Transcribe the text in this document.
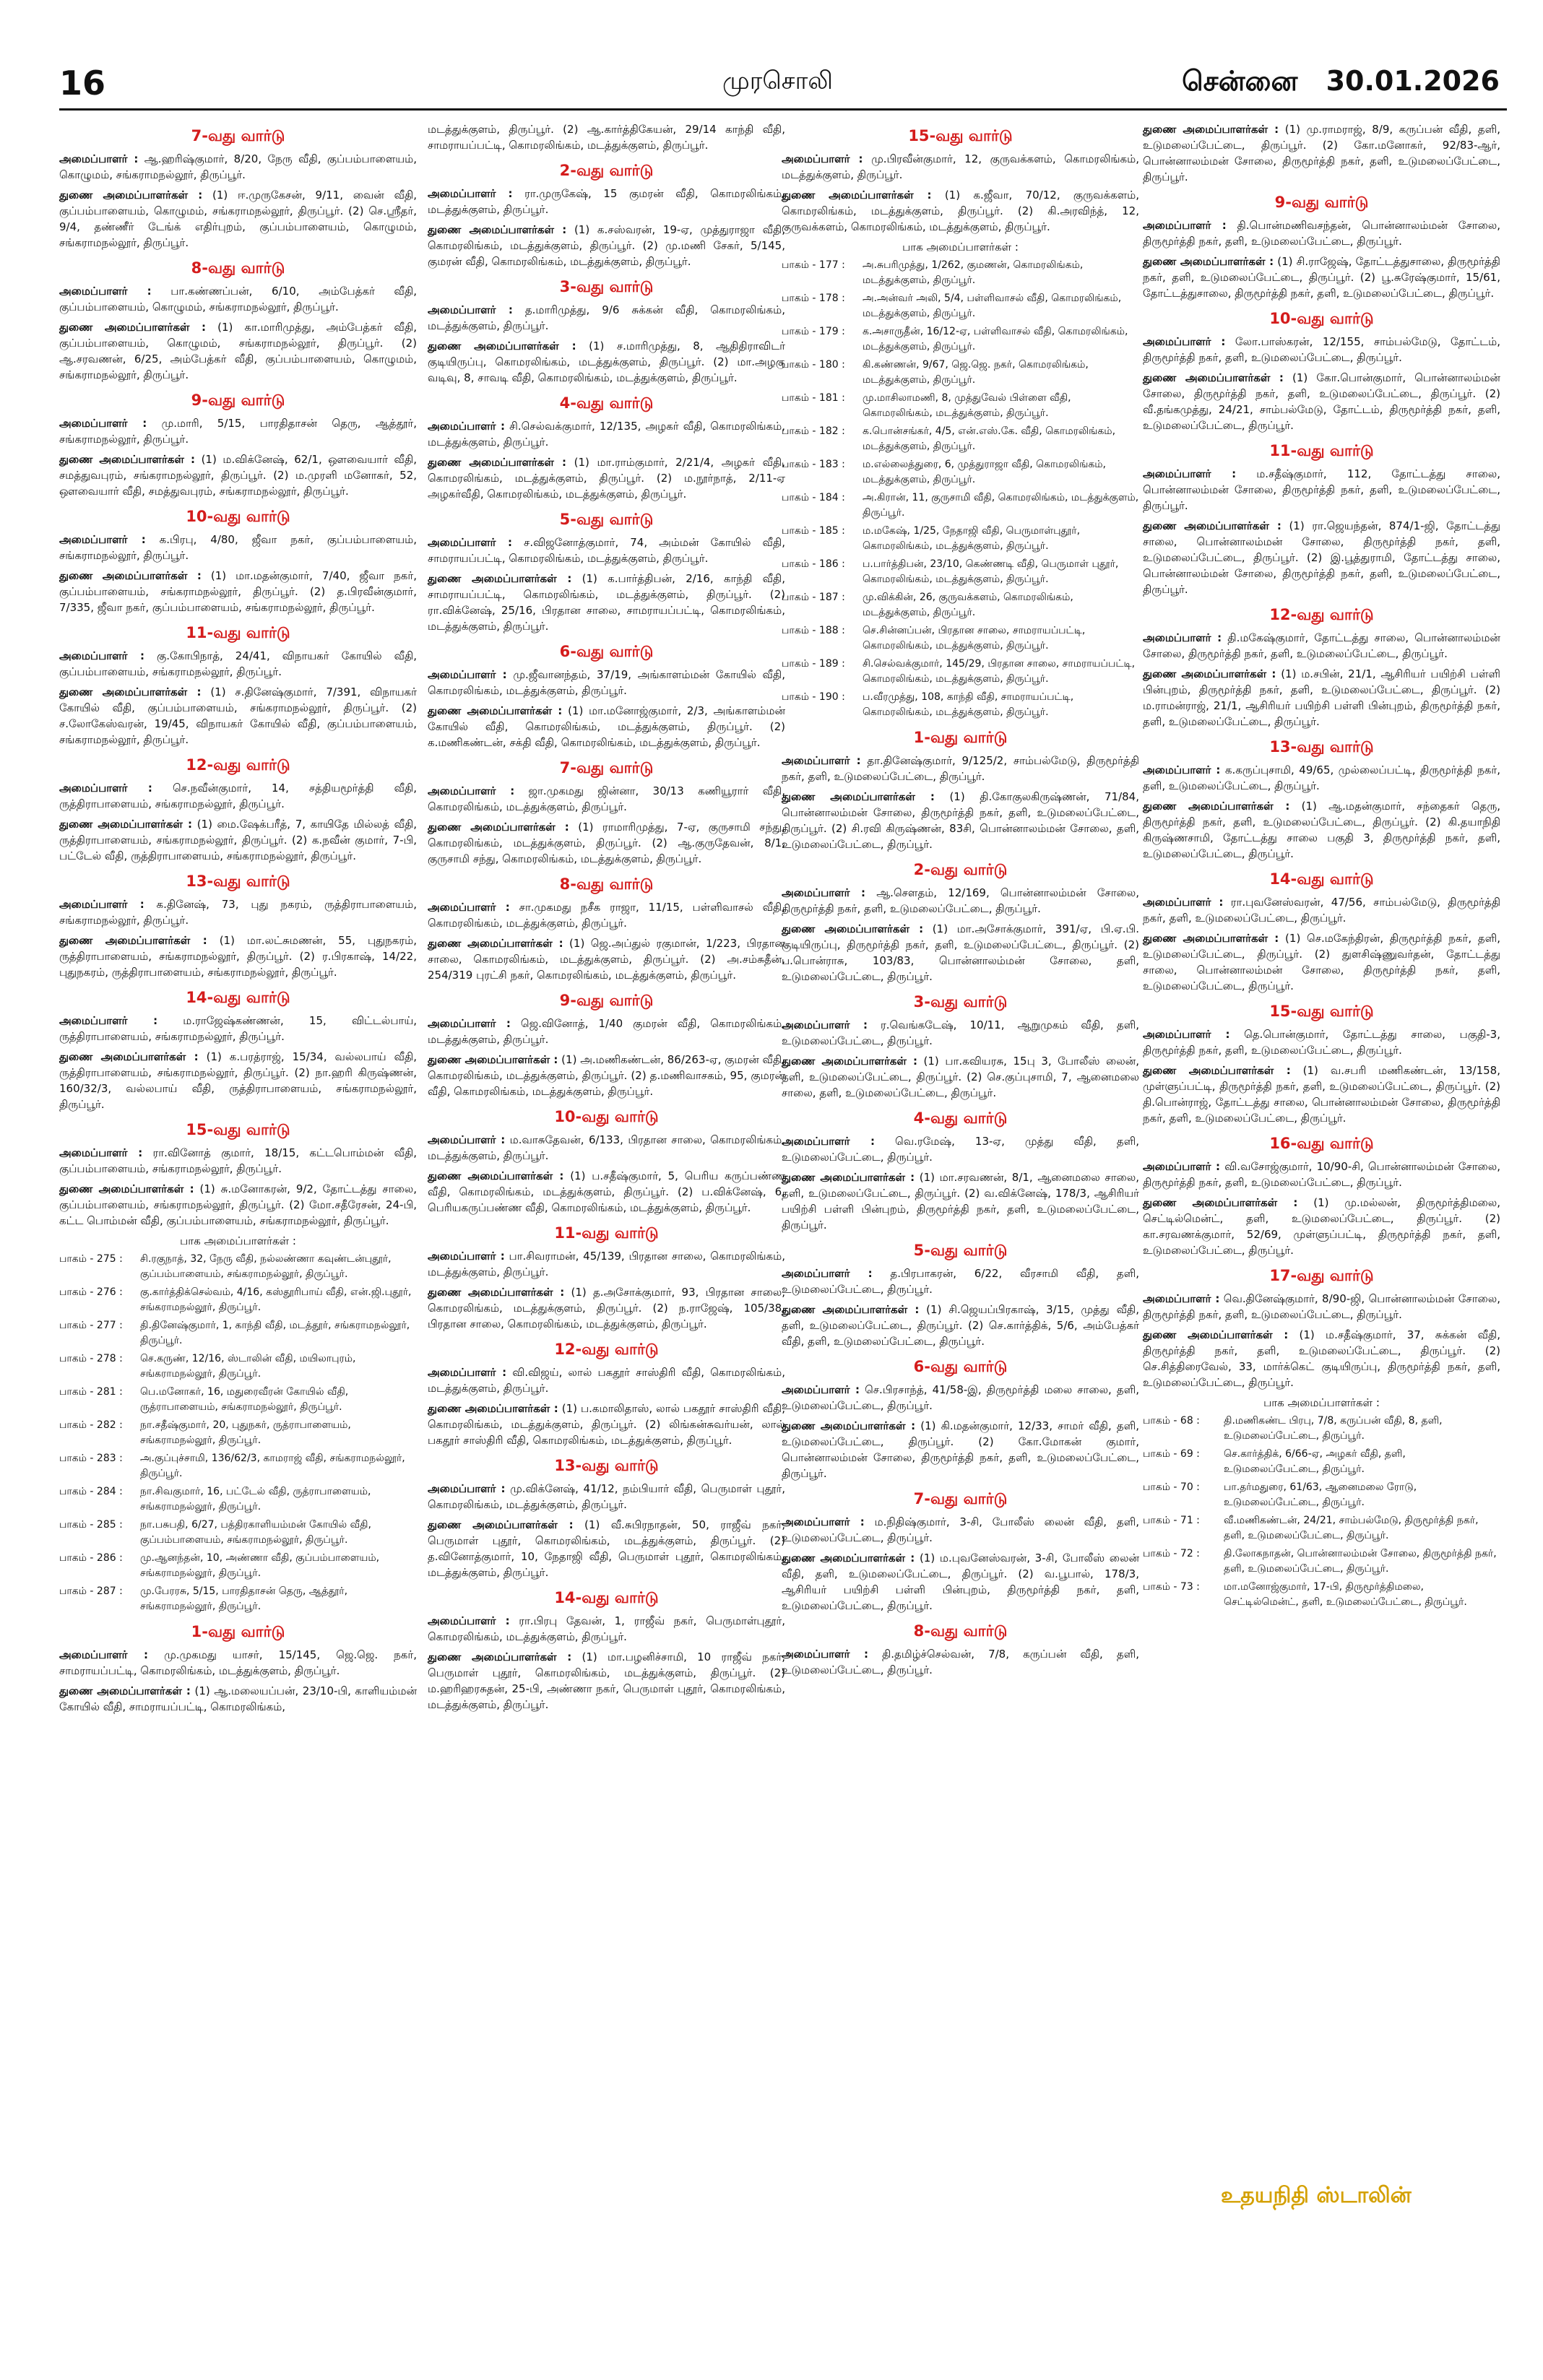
16	முரசொலி	சென்னை 30.01.2026
7-வது வார்டு

அமைப்பாளர் : ஆ.ஹரிஷ்குமார், 8/20, நேரு வீதி, குப்பம்பாளையம், கொழுமம், சங்கராமநல்லூர், திருப்பூர்.

துணை அமைப்பாளர்கள் : (1) ஈ.முருகேசன், 9/11, வைன் வீதி, குப்பம்பாளையம், கொழுமம், சங்கராமநல்லூர், திருப்பூர். (2) செ.ஸ்ரீதர், 9/4, தண்ணீர் டேங்க் எதிர்புறம், குப்பம்பாளையம், கொழுமம், சங்கராமநல்லூர், திருப்பூர்.

8-வது வார்டு

அமைப்பாளர் : பா.கண்ணப்பன், 6/10, அம்பேத்கர் வீதி, குப்பம்பாளையம், கொழுமம், சங்கராமநல்லூர், திருப்பூர்.

துணை அமைப்பாளர்கள் : (1) கா.மாரிமுத்து, அம்பேத்கர் வீதி, குப்பம்பாளையம், கொழுமம், சங்கராமநல்லூர், திருப்பூர். (2) ஆ.சரவணன், 6/25, அம்பேத்கர் வீதி, குப்பம்பாளையம், கொழுமம், சங்கராமநல்லூர், திருப்பூர்.

9-வது வார்டு

அமைப்பாளர் : மு.மாரி, 5/15, பாரதிதாசன் தெரு, ஆத்தூர், சங்கராமநல்லூர், திருப்பூர்.

துணை அமைப்பாளர்கள் : (1) ம.விக்னேஷ், 62/1, ஔவையார் வீதி, சமத்துவபுரம், சங்கராமநல்லூர், திருப்பூர். (2) ம.முரளி மனோகர், 52, ஔவையார் வீதி, சமத்துவபுரம், சங்கராமநல்லூர், திருப்பூர்.

10-வது வார்டு

அமைப்பாளர் : க.பிரபு, 4/80, ஜீவா நகர், குப்பம்பாளையம், சங்கராமநல்லூர், திருப்பூர்.

துணை அமைப்பாளர்கள் : (1) மா.மதன்குமார், 7/40, ஜீவா நகர், குப்பம்பாளையம், சங்கராமநல்லூர், திருப்பூர். (2) த.பிரவீன்குமார், 7/335, ஜீவா நகர், குப்பம்பாளையம், சங்கராமநல்லூர், திருப்பூர்.

11-வது வார்டு

அமைப்பாளர் : கு.கோபிநாத், 24/41, விநாயகர் கோயில் வீதி, குப்பம்பாளையம், சங்கராமநல்லூர், திருப்பூர்.

துணை அமைப்பாளர்கள் : (1) ச.தினேஷ்குமார், 7/391, விநாயகர் கோயில் வீதி, குப்பம்பாளையம், சங்கராமநல்லூர், திருப்பூர். (2) ச.லோகேஸ்வரன், 19/45, விநாயகர் கோயில் வீதி, குப்பம்பாளையம், சங்கராமநல்லூர், திருப்பூர்.

12-வது வார்டு

அமைப்பாளர் : செ.நவீன்குமார், 14, சத்தியமூர்த்தி வீதி, ருத்திராபாளையம், சங்கராமநல்லூர், திருப்பூர்.

துணை அமைப்பாளர்கள் : (1) மை.ஷேக்பரீத், 7, காயிதே மில்லத் வீதி, ருத்திராபாளையம், சங்கராமநல்லூர், திருப்பூர். (2) க.நவீன் குமார், 7-பி, பட்டேல் வீதி, ருத்திராபாளையம், சங்கராமநல்லூர், திருப்பூர்.

13-வது வார்டு

அமைப்பாளர் : க.தினேஷ், 73, புது நகரம், ருத்திராபாளையம், சங்கராமநல்லூர், திருப்பூர்.

துணை அமைப்பாளர்கள் : (1) மா.லட்சுமணன், 55, புதுநகரம், ருத்திராபாளையம், சங்கராமநல்லூர், திருப்பூர். (2) ர.பிரகாஷ், 14/22, புதுநகரம், ருத்திராபாளையம், சங்கராமநல்லூர், திருப்பூர்.

14-வது வார்டு

அமைப்பாளர் : ம.ராஜேஷ்கண்ணன், 15, விட்டல்பாய், ருத்திராபாளையம், சங்கராமநல்லூர், திருப்பூர்.

துணை அமைப்பாளர்கள் : (1) க.பரத்ராஜ், 15/34, வல்லபாய் வீதி, ருத்திராபாளையம், சங்கராமநல்லூர், திருப்பூர். (2) நா.ஹரி கிருஷ்ணன், 160/32/3, வல்லபாய் வீதி, ருத்திராபாளையம், சங்கராமநல்லூர், திருப்பூர்.

15-வது வார்டு

அமைப்பாளர் : ரா.வினோத் குமார், 18/15, கட்டபொம்மன் வீதி, குப்பம்பாளையம், சங்கராமநல்லூர், திருப்பூர்.

துணை அமைப்பாளர்கள் : (1) சு.மனோகரன், 9/2, தோட்டத்து சாலை, குப்பம்பாளையம், சங்கராமநல்லூர், திருப்பூர். (2) மோ.சதீரேசன், 24-பி, கட்ட பொம்மன் வீதி, குப்பம்பாளையம், சங்கராமநல்லூர், திருப்பூர்.

பாக அமைப்பாளர்கள் :
பாகம் - 275 :	சி.ரகுநாத், 32, நேரு வீதி, நல்லண்ணா கவுண்டன்புதூர், குப்பம்பாளையம், சங்கராமநல்லூர், திருப்பூர்.
பாகம் - 276 :	கு.கார்த்திக்செல்வம், 4/16, கஸ்தூரிபாய் வீதி, என்.ஜி.புதூர், சங்கராமநல்லூர், திருப்பூர்.
பாகம் - 277 :	தி.தினேஷ்குமார், 1, காந்தி வீதி, மடத்தூர், சங்கராமநல்லூர், திருப்பூர்.
பாகம் - 278 :	செ.கருண், 12/16, ஸ்டாலின் வீதி, மயிலாபுரம், சங்கராமநல்லூர், திருப்பூர்.
பாகம் - 281 :	பெ.மனோகர், 16, மதுரைவீரன் கோயில் வீதி, ருத்ராபாளையம், சங்கராமநல்லூர், திருப்பூர்.
பாகம் - 282 :	நா.சதீஷ்குமார், 20, புதுநகர், ருத்ராபாளையம், சங்கராமநல்லூர், திருப்பூர்.
பாகம் - 283 :	அ.குப்புச்சாமி, 136/62/3, காமராஜ் வீதி, சங்கராமநல்லூர், திருப்பூர்.
பாகம் - 284 :	நா.சிவகுமார், 16, பட்டேல் வீதி, ருத்ராபாளையம், சங்கராமநல்லூர், திருப்பூர்.
பாகம் - 285 :	நா.பசுபதி, 6/27, பத்திரகாளியம்மன் கோயில் வீதி, குப்பம்பாளையம், சங்கராமநல்லூர், திருப்பூர்.
பாகம் - 286 :	மு.ஆனந்தன், 10, அண்ணா வீதி, குப்பம்பாளையம், சங்கராமநல்லூர், திருப்பூர்.
பாகம் - 287 :	மு.பேரரசு, 5/15, பாரதிதாசன் தெரு, ஆத்தூர், சங்கராமநல்லூர், திருப்பூர்.
1-வது வார்டு

அமைப்பாளர் : மு.முகமது யாசர், 15/145, ஜெ.ஜெ. நகர், சாமராயப்பட்டி, கொமரலிங்கம், மடத்துக்குளம், திருப்பூர்.

துணை அமைப்பாளர்கள் : (1) ஆ.மலையப்பன், 23/10-பி, காளியம்மன் கோயில் வீதி, சாமராயப்பட்டி, கொமரலிங்கம்,

மடத்துக்குளம், திருப்பூர். (2) ஆ.கார்த்திகேயன், 29/14 காந்தி வீதி, சாமராயப்பட்டி, கொமரலிங்கம், மடத்துக்குளம், திருப்பூர்.

2-வது வார்டு

அமைப்பாளர் : ரா.முருகேஷ், 15 குமரன் வீதி, கொமரலிங்கம், மடத்துக்குளம், திருப்பூர்.

துணை அமைப்பாளர்கள் : (1) க.சஸ்வரன், 19-ஏ, முத்துராஜா வீதி, கொமரலிங்கம், மடத்துக்குளம், திருப்பூர். (2) மு.மணி சேகர், 5/145, குமரன் வீதி, கொமரலிங்கம், மடத்துக்குளம், திருப்பூர்.

3-வது வார்டு

அமைப்பாளர் : த.மாரிமுத்து, 9/6 சுக்கன் வீதி, கொமரலிங்கம், மடத்துக்குளம், திருப்பூர்.

துணை அமைப்பாளர்கள் : (1) ச.மாரிமுத்து, 8, ஆதிதிராவிடர் குடியிருப்பு, கொமரலிங்கம், மடத்துக்குளம், திருப்பூர். (2) மா.அழகு வடிவு, 8, சாவடி வீதி, கொமரலிங்கம், மடத்துக்குளம், திருப்பூர்.

4-வது வார்டு

அமைப்பாளர் : சி.செல்வக்குமார், 12/135, அழகர் வீதி, கொமரலிங்கம், மடத்துக்குளம், திருப்பூர்.

துணை அமைப்பாளர்கள் : (1) மா.ராம்குமார், 2/21/4, அழகர் வீதி, கொமரலிங்கம், மடத்துக்குளம், திருப்பூர். (2) ம.நூர்நாத், 2/11-ஏ அழகர்வீதி, கொமரலிங்கம், மடத்துக்குளம், திருப்பூர்.

5-வது வார்டு

அமைப்பாளர் : ச.விஜனோத்குமார், 74, அம்மன் கோயில் வீதி, சாமராயப்பட்டி, கொமரலிங்கம், மடத்துக்குளம், திருப்பூர்.

துணை அமைப்பாளர்கள் : (1) க.பார்த்திபன், 2/16, காந்தி வீதி, சாமராயப்பட்டி, கொமரலிங்கம், மடத்துக்குளம், திருப்பூர். (2) ரா.விக்னேஷ், 25/16, பிரதான சாலை, சாமராயப்பட்டி, கொமரலிங்கம், மடத்துக்குளம், திருப்பூர்.

6-வது வார்டு

அமைப்பாளர் : மு.ஜீவானந்தம், 37/19, அங்காளம்மன் கோயில் வீதி, கொமரலிங்கம், மடத்துக்குளம், திருப்பூர்.

துணை அமைப்பாளர்கள் : (1) மா.மனோஜ்குமார், 2/3, அங்காளம்மன் கோயில் வீதி, கொமரலிங்கம், மடத்துக்குளம், திருப்பூர். (2) க.மணிகண்டன், சக்தி வீதி, கொமரலிங்கம், மடத்துக்குளம், திருப்பூர்.

7-வது வார்டு

அமைப்பாளர் : ஜா.முகமது ஜின்னா, 30/13 கணியூரார் வீதி, கொமரலிங்கம், மடத்துக்குளம், திருப்பூர்.

துணை அமைப்பாளர்கள் : (1) ராமாரிமுத்து, 7-ஏ, குருசாமி சந்து, கொமரலிங்கம், மடத்துக்குளம், திருப்பூர். (2) ஆ.குருதேவன், 8/1, குருசாமி சந்து, கொமரலிங்கம், மடத்துக்குளம், திருப்பூர்.

8-வது வார்டு

அமைப்பாளர் : சா.முகமது நசீக ராஜா, 11/15, பள்ளிவாசல் வீதி, கொமரலிங்கம், மடத்துக்குளம், திருப்பூர்.

துணை அமைப்பாளர்கள் : (1) ஜெ.அப்துல் ரகுமான், 1/223, பிரதான சாலை, கொமரலிங்கம், மடத்துக்குளம், திருப்பூர். (2) அ.சம்சுதீன், 254/319 புரட்சி நகர், கொமரலிங்கம், மடத்துக்குளம், திருப்பூர்.

9-வது வார்டு

அமைப்பாளர் : ஜெ.வினோத், 1/40 குமரன் வீதி, கொமரலிங்கம், மடத்துக்குளம், திருப்பூர்.

துணை அமைப்பாளர்கள் : (1) அ.மணிகண்டன், 86/263-ஏ, குமரன் வீதி, கொமரலிங்கம், மடத்துக்குளம், திருப்பூர். (2) த.மணிவாசகம், 95, குமரன் வீதி, கொமரலிங்கம், மடத்துக்குளம், திருப்பூர்.

10-வது வார்டு

அமைப்பாளர் : ம.வாசுதேவன், 6/133, பிரதான சாலை, கொமரலிங்கம், மடத்துக்குளம், திருப்பூர்.

துணை அமைப்பாளர்கள் : (1) ப.சதீஷ்குமார், 5, பெரிய கருப்பண்ண வீதி, கொமரலிங்கம், மடத்துக்குளம், திருப்பூர். (2) ப.விக்னேஷ், 6, பெரியகருப்பண்ண வீதி, கொமரலிங்கம், மடத்துக்குளம், திருப்பூர்.

11-வது வார்டு

அமைப்பாளர் : பா.சிவராமன், 45/139, பிரதான சாலை, கொமரலிங்கம், மடத்துக்குளம், திருப்பூர்.

துணை அமைப்பாளர்கள் : (1) த.அசோக்குமார், 93, பிரதான சாலை, கொமரலிங்கம், மடத்துக்குளம், திருப்பூர். (2) ந.ராஜேஷ், 105/38, பிரதான சாலை, கொமரலிங்கம், மடத்துக்குளம், திருப்பூர்.

12-வது வார்டு

அமைப்பாளர் : வி.விஜய், லால் பகதூர் சாஸ்திரி வீதி, கொமரலிங்கம், மடத்துக்குளம், திருப்பூர்.

துணை அமைப்பாளர்கள் : (1) ப.கமாலிதாஸ், லால் பகதூர் சாஸ்திரி வீதி, கொமரலிங்கம், மடத்துக்குளம், திருப்பூர். (2) லிங்கன்சுவர்யன், லால் பகதூர் சாஸ்திரி வீதி, கொமரலிங்கம், மடத்துக்குளம், திருப்பூர்.

13-வது வார்டு

அமைப்பாளர் : மு.விக்னேஷ், 41/12, நம்பியார் வீதி, பெருமாள் புதூர், கொமரலிங்கம், மடத்துக்குளம், திருப்பூர்.

துணை அமைப்பாளர்கள் : (1) வீ.சுபிரநாதன், 50, ராஜீவ் நகர், பெருமாள் புதூர், கொமரலிங்கம், மடத்துக்குளம், திருப்பூர். (2) த.வினோத்குமார், 10, நேதாஜி வீதி, பெருமாள் புதூர், கொமரலிங்கம், மடத்துக்குளம், திருப்பூர்.

14-வது வார்டு

அமைப்பாளர் : ரா.பிரபு தேவன், 1, ராஜீவ் நகர், பெருமாள்புதூர், கொமரலிங்கம், மடத்துக்குளம், திருப்பூர்.

துணை அமைப்பாளர்கள் : (1) மா.பழனிச்சாமி, 10 ராஜீவ் நகர், பெருமாள் புதூர், கொமரலிங்கம், மடத்துக்குளம், திருப்பூர். (2) ம.ஹரிஹரசுதன், 25-பி, அண்ணா நகர், பெருமாள் புதூர், கொமரலிங்கம், மடத்துக்குளம், திருப்பூர்.

15-வது வார்டு

அமைப்பாளர் : மு.பிரவீன்குமார், 12, குருவக்களம், கொமரலிங்கம், மடத்துக்குளம், திருப்பூர்.

துணை அமைப்பாளர்கள் : (1) க.ஜீவா, 70/12, குருவக்களம், கொமரலிங்கம், மடத்துக்குளம், திருப்பூர். (2) கி.அரவிந்த், 12, குருவக்களம், கொமரலிங்கம், மடத்துக்குளம், திருப்பூர்.

பாக அமைப்பாளர்கள் :
பாகம் - 177 :	அ.சுபரிமுத்து, 1/262, குமணன், கொமரலிங்கம், மடத்துக்குளம், திருப்பூர்.
பாகம் - 178 :	அ.அன்வர் அலி, 5/4, பள்ளிவாசல் வீதி, கொமரலிங்கம், மடத்துக்குளம், திருப்பூர்.
பாகம் - 179 :	க.அசாருதீன், 16/12-ஏ, பள்ளிவாசல் வீதி, கொமரலிங்கம், மடத்துக்குளம், திருப்பூர்.
பாகம் - 180 :	கி.கண்ணன், 9/67, ஜெ.ஜெ. நகர், கொமரலிங்கம், மடத்துக்குளம், திருப்பூர்.
பாகம் - 181 :	மு.மாசிலாமணி, 8, முத்துவேல் பிள்ளை வீதி, கொமரலிங்கம், மடத்துக்குளம், திருப்பூர்.
பாகம் - 182 :	க.பொன்சங்கர், 4/5, என்.எஸ்.கே. வீதி, கொமரலிங்கம், மடத்துக்குளம், திருப்பூர்.
பாகம் - 183 :	ம.எல்லைத்துரை, 6, முத்துராஜா வீதி, கொமரலிங்கம், மடத்துக்குளம், திருப்பூர்.
பாகம் - 184 :	அ.கிரான், 11, குருசாமி வீதி, கொமரலிங்கம், மடத்துக்குளம், திருப்பூர்.
பாகம் - 185 :	ம.மகேஷ், 1/25, நேதாஜி வீதி, பெருமாள்புதூர், கொமரலிங்கம், மடத்துக்குளம், திருப்பூர்.
பாகம் - 186 :	ப.பார்த்திபன், 23/10, கெண்ணடி வீதி, பெருமாள் புதூர், கொமரலிங்கம், மடத்துக்குளம், திருப்பூர்.
பாகம் - 187 :	மு.விக்கின், 26, குருவக்களம், கொமரலிங்கம், மடத்துக்குளம், திருப்பூர்.
பாகம் - 188 :	செ.சின்னப்பன், பிரதான சாலை, சாமராயப்பட்டி, கொமரலிங்கம், மடத்துக்குளம், திருப்பூர்.
பாகம் - 189 :	சி.செல்வக்குமார், 145/29, பிரதான சாலை, சாமராயப்பட்டி, கொமரலிங்கம், மடத்துக்குளம், திருப்பூர்.
பாகம் - 190 :	ப.வீரமுத்து, 108, காந்தி வீதி, சாமராயப்பட்டி, கொமரலிங்கம், மடத்துக்குளம், திருப்பூர்.
1-வது வார்டு

அமைப்பாளர் : தா.தினேஷ்குமார், 9/125/2, சாம்பல்மேடு, திருமூர்த்தி நகர், தளி, உடுமலைப்பேட்டை, திருப்பூர்.

துணை அமைப்பாளர்கள் : (1) தி.கோகுலகிருஷ்ணன், 71/84, பொன்னாலம்மன் சோலை, திருமூர்த்தி நகர், தளி, உடுமலைப்பேட்டை, திருப்பூர். (2) சி.ரவி கிருஷ்ணன், 83சி, பொன்னாலம்மன் சோலை, தளி, உடுமலைப்பேட்டை, திருப்பூர்.

2-வது வார்டு

அமைப்பாளர் : ஆ.செளதம், 12/169, பொன்னாலம்மன் சோலை, திருமூர்த்தி நகர், தளி, உடுமலைப்பேட்டை, திருப்பூர்.

துணை அமைப்பாளர்கள் : (1) மா.அசோக்குமார், 391/ஏ, பி.ஏ.பி. குடியிருப்பு, திருமூர்த்தி நகர், தளி, உடுமலைப்பேட்டை, திருப்பூர். (2) ப.பொன்ராசு, 103/83, பொன்னாலம்மன் சோலை, தளி, உடுமலைப்பேட்டை, திருப்பூர்.

3-வது வார்டு

அமைப்பாளர் : ர.வெங்கடேஷ், 10/11, ஆறுமுகம் வீதி, தளி, உடுமலைப்பேட்டை, திருப்பூர்.

துணை அமைப்பாளர்கள் : (1) பா.கவியரசு, 15பு 3, போலீஸ் லைன், தளி, உடுமலைப்பேட்டை, திருப்பூர். (2) செ.குப்புசாமி, 7, ஆனைமலை சாலை, தளி, உடுமலைப்பேட்டை, திருப்பூர்.

4-வது வார்டு

அமைப்பாளர் : வெ.ரமேஷ், 13-ஏ, முத்து வீதி, தளி, உடுமலைப்பேட்டை, திருப்பூர்.

துணை அமைப்பாளர்கள் : (1) மா.சரவணன், 8/1, ஆனைமலை சாலை, தளி, உடுமலைப்பேட்டை, திருப்பூர். (2) வ.விக்னேஷ், 178/3, ஆசிரியர் பயிற்சி பள்ளி பின்புறம், திருமூர்த்தி நகர், தளி, உடுமலைப்பேட்டை, திருப்பூர்.

5-வது வார்டு

அமைப்பாளர் : த.பிரபாகரன், 6/22, வீரசாமி வீதி, தளி, உடுமலைப்பேட்டை, திருப்பூர்.

துணை அமைப்பாளர்கள் : (1) சி.ஜெயப்பிரகாஷ், 3/15, முத்து வீதி, தளி, உடுமலைப்பேட்டை, திருப்பூர். (2) செ.கார்த்திக், 5/6, அம்பேத்கர் வீதி, தளி, உடுமலைப்பேட்டை, திருப்பூர்.

6-வது வார்டு

அமைப்பாளர் : செ.பிரசாந்த், 41/58-இ, திருமூர்த்தி மலை சாலை, தளி, உடுமலைப்பேட்டை, திருப்பூர்.

துணை அமைப்பாளர்கள் : (1) கி.மதன்குமார், 12/33, சாமர் வீதி, தளி, உடுமலைப்பேட்டை, திருப்பூர். (2) கோ.மோகன் குமார், பொன்னாலம்மன் சோலை, திருமூர்த்தி நகர், தளி, உடுமலைப்பேட்டை, திருப்பூர்.

7-வது வார்டு

அமைப்பாளர் : ம.நிதிஷ்குமார், 3-சி, போலீஸ் லைன் வீதி, தளி, உடுமலைப்பேட்டை, திருப்பூர்.

துணை அமைப்பாளர்கள் : (1) ம.புவனேஸ்வரன், 3-சி, போலீஸ் லைன் வீதி, தளி, உடுமலைப்பேட்டை, திருப்பூர். (2) வ.பூபால், 178/3, ஆசிரியர் பயிற்சி பள்ளி பின்புறம், திருமூர்த்தி நகர், தளி, உடுமலைப்பேட்டை, திருப்பூர்.

8-வது வார்டு

அமைப்பாளர் : தி.தமிழ்ச்செல்வன், 7/8, கருப்பன் வீதி, தளி, உடுமலைப்பேட்டை, திருப்பூர்.

துணை அமைப்பாளர்கள் : (1) மு.ராமராஜ், 8/9, கருப்பன் வீதி, தளி, உடுமலைப்பேட்டை, திருப்பூர். (2) கோ.மனோகர், 92/83-ஆர், பொன்னாலம்மன் சோலை, திருமூர்த்தி நகர், தளி, உடுமலைப்பேட்டை, திருப்பூர்.

9-வது வார்டு

அமைப்பாளர் : தி.பொன்மணிவசந்தன், பொன்னாலம்மன் சோலை, திருமூர்த்தி நகர், தளி, உடுமலைப்பேட்டை, திருப்பூர்.

துணை அமைப்பாளர்கள் : (1) சி.ராஜேஷ், தோட்டத்துசாலை, திருமூர்த்தி நகர், தளி, உடுமலைப்பேட்டை, திருப்பூர். (2) பூ.சுரேஷ்குமார், 15/61, தோட்டத்துசாலை, திருமூர்த்தி நகர், தளி, உடுமலைப்பேட்டை, திருப்பூர்.

10-வது வார்டு

அமைப்பாளர் : லோ.பாஸ்கரன், 12/155, சாம்பல்மேடு, தோட்டம், திருமூர்த்தி நகர், தளி, உடுமலைப்பேட்டை, திருப்பூர்.

துணை அமைப்பாளர்கள் : (1) கோ.பொன்குமார், பொன்னாலம்மன் சோலை, திருமூர்த்தி நகர், தளி, உடுமலைப்பேட்டை, திருப்பூர். (2) வீ.தங்கமுத்து, 24/21, சாம்பல்மேடு, தோட்டம், திருமூர்த்தி நகர், தளி, உடுமலைப்பேட்டை, திருப்பூர்.

11-வது வார்டு

அமைப்பாளர் : ம.சதீஷ்குமார், 112, தோட்டத்து சாலை, பொன்னாலம்மன் சோலை, திருமூர்த்தி நகர், தளி, உடுமலைப்பேட்டை, திருப்பூர்.

துணை அமைப்பாளர்கள் : (1) ரா.ஜெயந்தன், 874/1-ஜி, தோட்டத்து சாலை, பொன்னாலம்மன் சோலை, திருமூர்த்தி நகர், தளி, உடுமலைப்பேட்டை, திருப்பூர். (2) இ.பூத்துராமி, தோட்டத்து சாலை, பொன்னாலம்மன் சோலை, திருமூர்த்தி நகர், தளி, உடுமலைப்பேட்டை, திருப்பூர்.

12-வது வார்டு

அமைப்பாளர் : தி.மகேஷ்குமார், தோட்டத்து சாலை, பொன்னாலம்மன் சோலை, திருமூர்த்தி நகர், தளி, உடுமலைப்பேட்டை, திருப்பூர்.

துணை அமைப்பாளர்கள் : (1) ம.சபின், 21/1, ஆசிரியர் பயிற்சி பள்ளி பின்புறம், திருமூர்த்தி நகர், தளி, உடுமலைப்பேட்டை, திருப்பூர். (2) ம.ராமன்ராஜ், 21/1, ஆசிரியர் பயிற்சி பள்ளி பின்புறம், திருமூர்த்தி நகர், தளி, உடுமலைப்பேட்டை, திருப்பூர்.

13-வது வார்டு

அமைப்பாளர் : க.கருப்புசாமி, 49/65, முல்லைப்பட்டி, திருமூர்த்தி நகர், தளி, உடுமலைப்பேட்டை, திருப்பூர்.

துணை அமைப்பாளர்கள் : (1) ஆ.மதன்குமார், சந்தைகர் தெரு, திருமூர்த்தி நகர், தளி, உடுமலைப்பேட்டை, திருப்பூர். (2) கி.தயாநிதி கிருஷ்ணசாமி, தோட்டத்து சாலை பகுதி 3, திருமூர்த்தி நகர், தளி, உடுமலைப்பேட்டை, திருப்பூர்.

14-வது வார்டு

அமைப்பாளர் : ரா.புவனேஸ்வரன், 47/56, சாம்பல்மேடு, திருமூர்த்தி நகர், தளி, உடுமலைப்பேட்டை, திருப்பூர்.

துணை அமைப்பாளர்கள் : (1) செ.மகேந்திரன், திருமூர்த்தி நகர், தளி, உடுமலைப்பேட்டை, திருப்பூர். (2) துளசிஷ்ணுவர்தன், தோட்டத்து சாலை, பொன்னாலம்மன் சோலை, திருமூர்த்தி நகர், தளி, உடுமலைப்பேட்டை, திருப்பூர்.

15-வது வார்டு

அமைப்பாளர் : தெ.பொன்குமார், தோட்டத்து சாலை, பகுதி-3, திருமூர்த்தி நகர், தளி, உடுமலைப்பேட்டை, திருப்பூர்.

துணை அமைப்பாளர்கள் : (1) வ.சபரி மணிகண்டன், 13/158, முள்ளுப்பட்டி, திருமூர்த்தி நகர், தளி, உடுமலைப்பேட்டை, திருப்பூர். (2) தி.பொன்ராஜ், தோட்டத்து சாலை, பொன்னாலம்மன் சோலை, திருமூர்த்தி நகர், தளி, உடுமலைப்பேட்டை, திருப்பூர்.

16-வது வார்டு

அமைப்பாளர் : வி.வசோஜ்குமார், 10/90-சி, பொன்னாலம்மன் சோலை, திருமூர்த்தி நகர், தளி, உடுமலைப்பேட்டை, திருப்பூர்.

துணை அமைப்பாளர்கள் : (1) மு.மல்லன், திருமூர்த்திமலை, செட்டில்மென்ட், தளி, உடுமலைப்பேட்டை, திருப்பூர். (2) கா.சரவணக்குமார், 52/69, முள்ளுப்பட்டி, திருமூர்த்தி நகர், தளி, உடுமலைப்பேட்டை, திருப்பூர்.

17-வது வார்டு

அமைப்பாளர் : வெ.தினேஷ்குமார், 8/90-ஜி, பொன்னாலம்மன் சோலை, திருமூர்த்தி நகர், தளி, உடுமலைப்பேட்டை, திருப்பூர்.

துணை அமைப்பாளர்கள் : (1) ம.சதீஷ்குமார், 37, சுக்கன் வீதி, திருமூர்த்தி நகர், தளி, உடுமலைப்பேட்டை, திருப்பூர். (2) செ.சித்திரைவேல், 33, மார்க்கெட் குடியிருப்பு, திருமூர்த்தி நகர், தளி, உடுமலைப்பேட்டை, திருப்பூர்.

பாக அமைப்பாளர்கள் :
பாகம் - 68 :	தி.மணிகண்ட பிரபு, 7/8, கருப்பன் வீதி, 8, தளி, உடுமலைப்பேட்டை, திருப்பூர்.
பாகம் - 69 :	செ.கார்த்திக், 6/66-ஏ, அழகர் வீதி, தளி, உடுமலைப்பேட்டை, திருப்பூர்.
பாகம் - 70 :	பா.தர்மதுரை, 61/63, ஆனைமலை ரோடு, உடுமலைப்பேட்டை, திருப்பூர்.
பாகம் - 71 :	வீ.மணிகண்டன், 24/21, சாம்பல்மேடு, திருமூர்த்தி நகர், தளி, உடுமலைப்பேட்டை, திருப்பூர்.
பாகம் - 72 :	தி.லோகநாதன், பொன்னாலம்மன் சோலை, திருமூர்த்தி நகர், தளி, உடுமலைப்பேட்டை, திருப்பூர்.
பாகம் - 73 :	மா.மனோஜ்குமார், 17-பி, திருமூர்த்திமலை, செட்டில்மென்ட், தளி, உடுமலைப்பேட்டை, திருப்பூர்.
உதயநிதி ஸ்டாலின்
